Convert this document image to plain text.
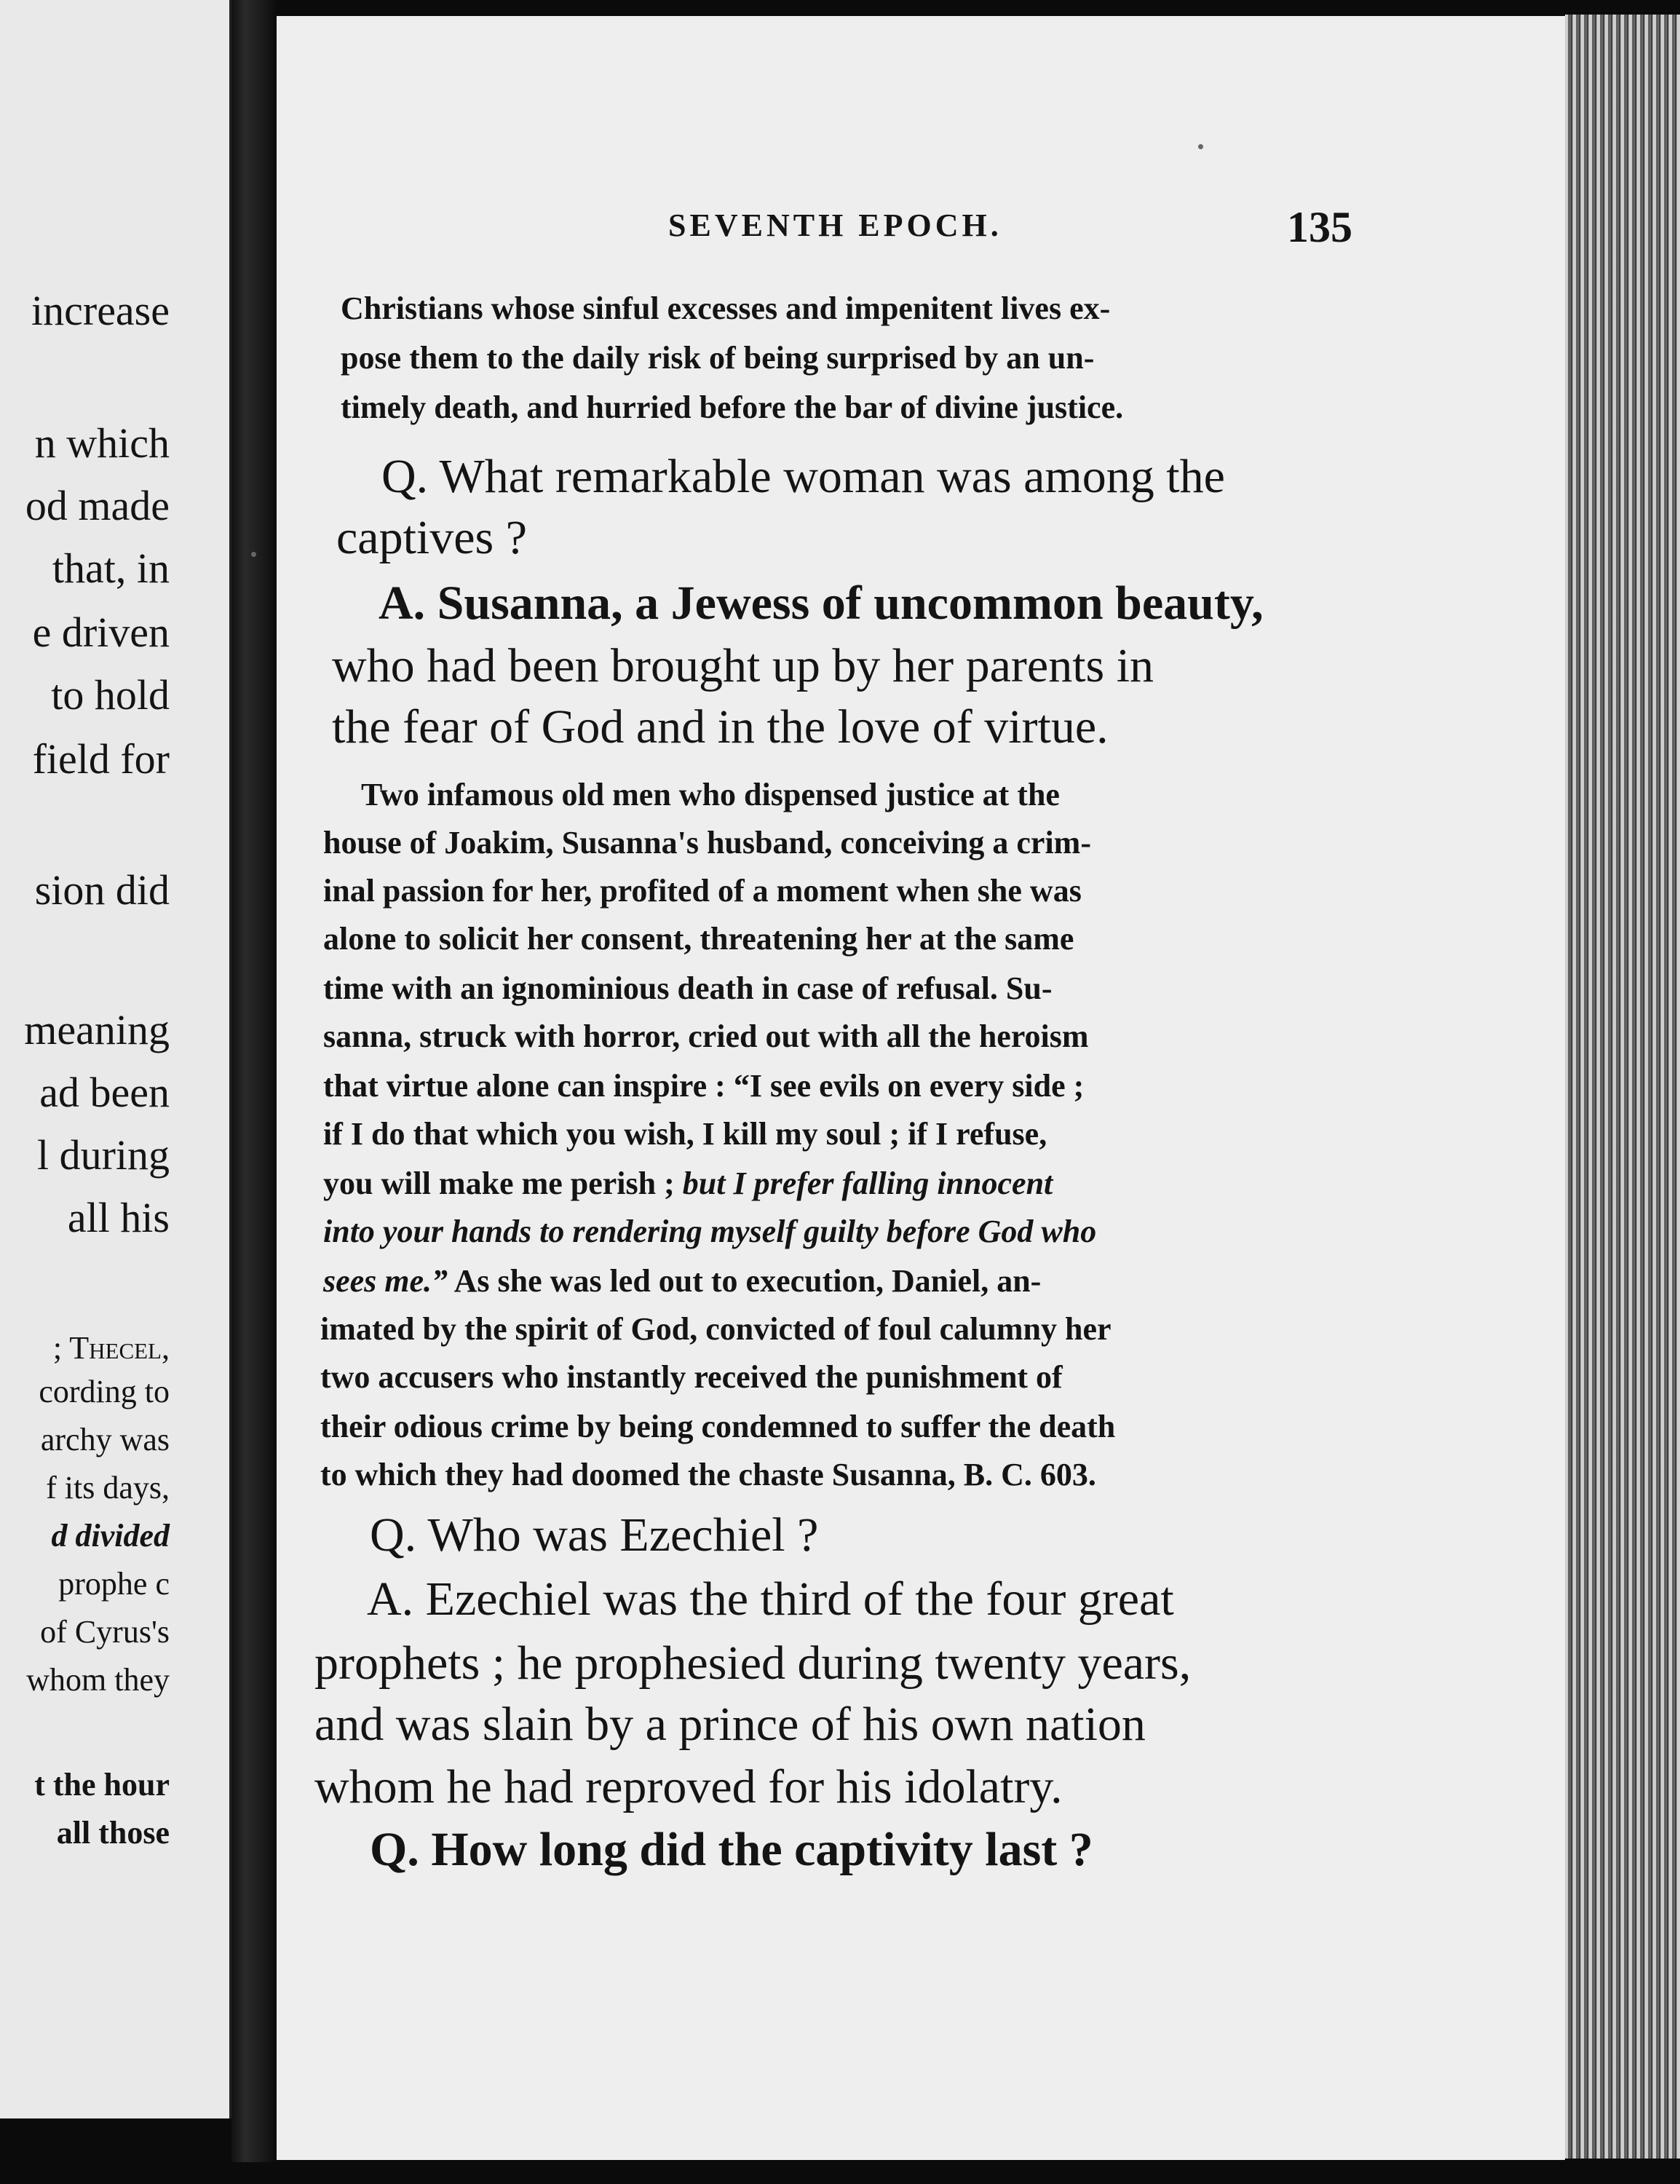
increase
n which
od made
that, in
e driven
to hold
field for
sion did
meaning
ad been
l during
all his
; Thecel,
cording to
archy was
f its days,
d divided
prophe c
of Cyrus's
whom they
t the hour
all those
SEVENTH EPOCH.	135
Christians whose sinful excesses and impenitent lives ex-
pose them to the daily risk of being surprised by an un-
timely death, and hurried before the bar of divine justice.
Q. What remarkable woman was among the
captives ?
A. Susanna, a Jewess of uncommon beauty,
who had been brought up by her parents in
the fear of God and in the love of virtue.
Two infamous old men who dispensed justice at the
house of Joakim, Susanna's husband, conceiving a crim-
inal passion for her, profited of a moment when she was
alone to solicit her consent, threatening her at the same
time with an ignominious death in case of refusal. Su-
sanna, struck with horror, cried out with all the heroism
that virtue alone can inspire : “I see evils on every side ;
if I do that which you wish, I kill my soul ; if I refuse,
you will make me perish ; but I prefer falling innocent
into your hands to rendering myself guilty before God who
sees me.” As she was led out to execution, Daniel, an-
imated by the spirit of God, convicted of foul calumny her
two accusers who instantly received the punishment of
their odious crime by being condemned to suffer the death
to which they had doomed the chaste Susanna, B. C. 603.
Q. Who was Ezechiel ?
A. Ezechiel was the third of the four great
prophets ; he prophesied during twenty years,
and was slain by a prince of his own nation
whom he had reproved for his idolatry.
Q. How long did the captivity last ?
